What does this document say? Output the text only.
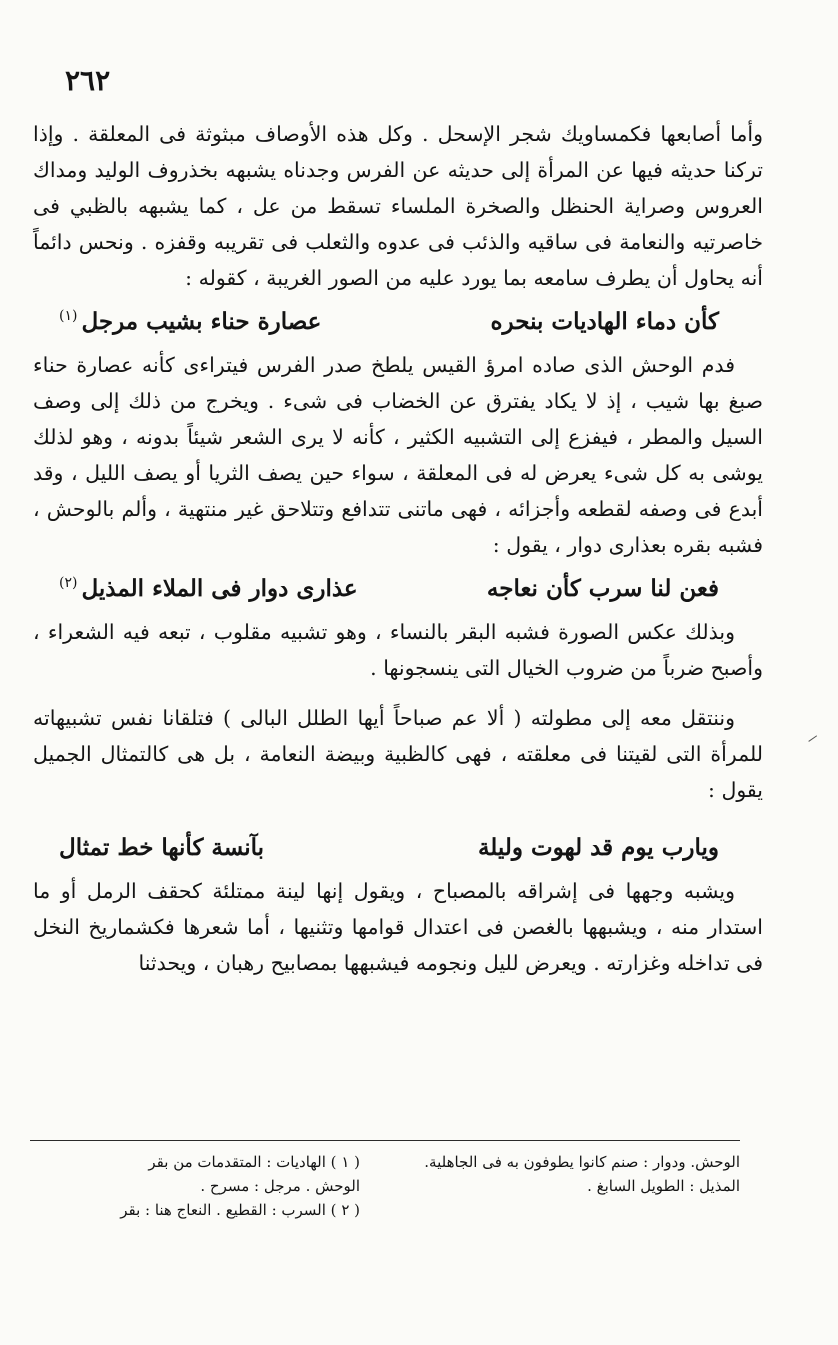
٢٦٢

وأما أصابعها فكمساويك شجر الإسحل . وكل هذه الأوصاف مبثوثة فى المعلقة . وإذا تركنا حديثه فيها عن المرأة إلى حديثه عن الفرس وجدناه يشبهه بخذروف الوليد ومداك العروس وصراية الحنظل والصخرة الملساء تسقط من عل ، كما يشبهه بالظبي فى خاصرتيه والنعامة فى ساقيه والذئب فى عدوه والثعلب فى تقريبه وقفزه . ونحس دائماً أنه يحاول أن يطرف سامعه بما يورد عليه من الصور الغريبة ، كقوله :

كأن دماء الهاديات بنحره
عصارة حناء بشيب مرجل$^{(١)}$

فدم الوحش الذى صاده امرؤ القيس يلطخ صدر الفرس فيتراءى كأنه عصارة حناء صبغ بها شيب ، إذ لا يكاد يفترق عن الخضاب فى شىء . ويخرج من ذلك إلى وصف السيل والمطر ، فيفزع إلى التشبيه الكثير ، كأنه لا يرى الشعر شيئاً بدونه ، وهو لذلك يوشى به كل شىء يعرض له فى المعلقة ، سواء حين يصف الثريا أو يصف الليل ، وقد أبدع فى وصفه لقطعه وأجزائه ، فهى ماتنى تتدافع وتتلاحق غير منتهية ، وألم بالوحش ، فشبه بقره بعذارى دوار ، يقول :

فعن لنا سرب كأن نعاجه
عذارى دوار فى الملاء المذيل$^{(٢)}$

وبذلك عكس الصورة فشبه البقر بالنساء ، وهو تشبيه مقلوب ، تبعه فيه الشعراء ، وأصبح ضرباً من ضروب الخيال التى ينسجونها .

وننتقل معه إلى مطولته ( ألا عم صباحاً أيها الطلل البالى ) فتلقانا نفس تشبيهاته للمرأة التى لقيتنا فى معلقته ، فهى كالظبية وبيضة النعامة ، بل هى كالتمثال الجميل يقول :

ويارب يوم قد لهوت وليلة
بآنسة كأنها خط تمثال

ويشبه وجهها فى إشراقه بالمصباح ، ويقول إنها لينة ممتلئة كحقف الرمل أو ما استدار منه ، ويشبهها بالغصن فى اعتدال قوامها وتثنيها ، أما شعرها فكشماريخ النخل فى تداخله وغزارته . ويعرض لليل ونجومه فيشبهها بمصابيح رهبان ، ويحدثنا

( ١ ) الهاديات : المتقدمات من بقر
الوحش . مرجل : مسرح .
( ٢ ) السرب : القطيع . النعاج هنا : بقر
الوحش. ودوار : صنم كانوا يطوفون به فى الجاهلية.
المذيل : الطويل السابغ .
